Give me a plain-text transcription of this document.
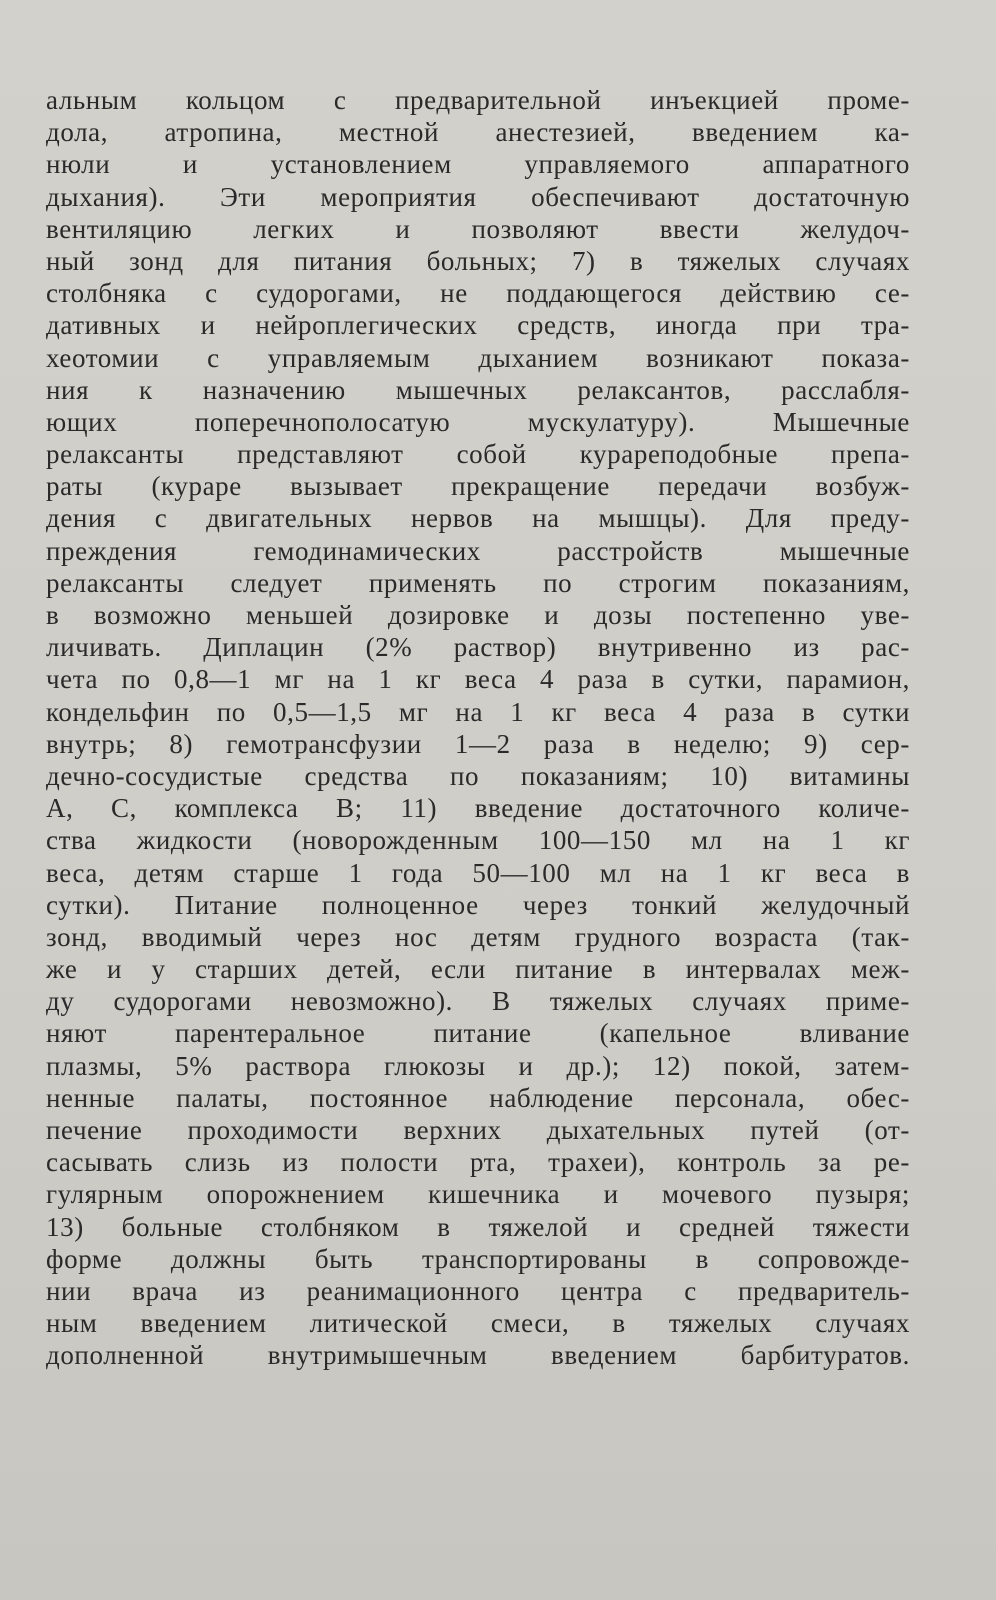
альным кольцом с предварительной инъекцией проме-
дола, атропина, местной анестезией, введением ка-
нюли и установлением управляемого аппаратного
дыхания). Эти мероприятия обеспечивают достаточную
вентиляцию легких и позволяют ввести желудоч-
ный зонд для питания больных; 7) в тяжелых случаях
столбняка с судорогами, не поддающегося действию се-
дативных и нейроплегических средств, иногда при тра-
хеотомии с управляемым дыханием возникают показа-
ния к назначению мышечных релаксантов, расслабля-
ющих поперечнополосатую мускулатуру). Мышечные
релаксанты представляют собой курареподобные препа-
раты (кураре вызывает прекращение передачи возбуж-
дения с двигательных нервов на мышцы). Для преду-
преждения гемодинамических расстройств мышечные
релаксанты следует применять по строгим показаниям,
в возможно меньшей дозировке и дозы постепенно уве-
личивать. Диплацин (2% раствор) внутривенно из рас-
чета по 0,8—1 мг на 1 кг веса 4 раза в сутки, парамион,
кондельфин по 0,5—1,5 мг на 1 кг веса 4 раза в сутки
внутрь; 8) гемотрансфузии 1—2 раза в неделю; 9) сер-
дечно-сосудистые средства по показаниям; 10) витамины
А, С, комплекса В; 11) введение достаточного количе-
ства жидкости (новорожденным 100—150 мл на 1 кг
веса, детям старше 1 года 50—100 мл на 1 кг веса в
сутки). Питание полноценное через тонкий желудочный
зонд, вводимый через нос детям грудного возраста (так-
же и у старших детей, если питание в интервалах меж-
ду судорогами невозможно). В тяжелых случаях приме-
няют парентеральное питание (капельное вливание
плазмы, 5% раствора глюкозы и др.); 12) покой, затем-
ненные палаты, постоянное наблюдение персонала, обес-
печение проходимости верхних дыхательных путей (от-
сасывать слизь из полости рта, трахеи), контроль за ре-
гулярным опорожнением кишечника и мочевого пузыря;
13) больные столбняком в тяжелой и средней тяжести
форме должны быть транспортированы в сопровожде-
нии врача из реанимационного центра с предваритель-
ным введением литической смеси, в тяжелых случаях
дополненной внутримышечным введением барбитуратов.
